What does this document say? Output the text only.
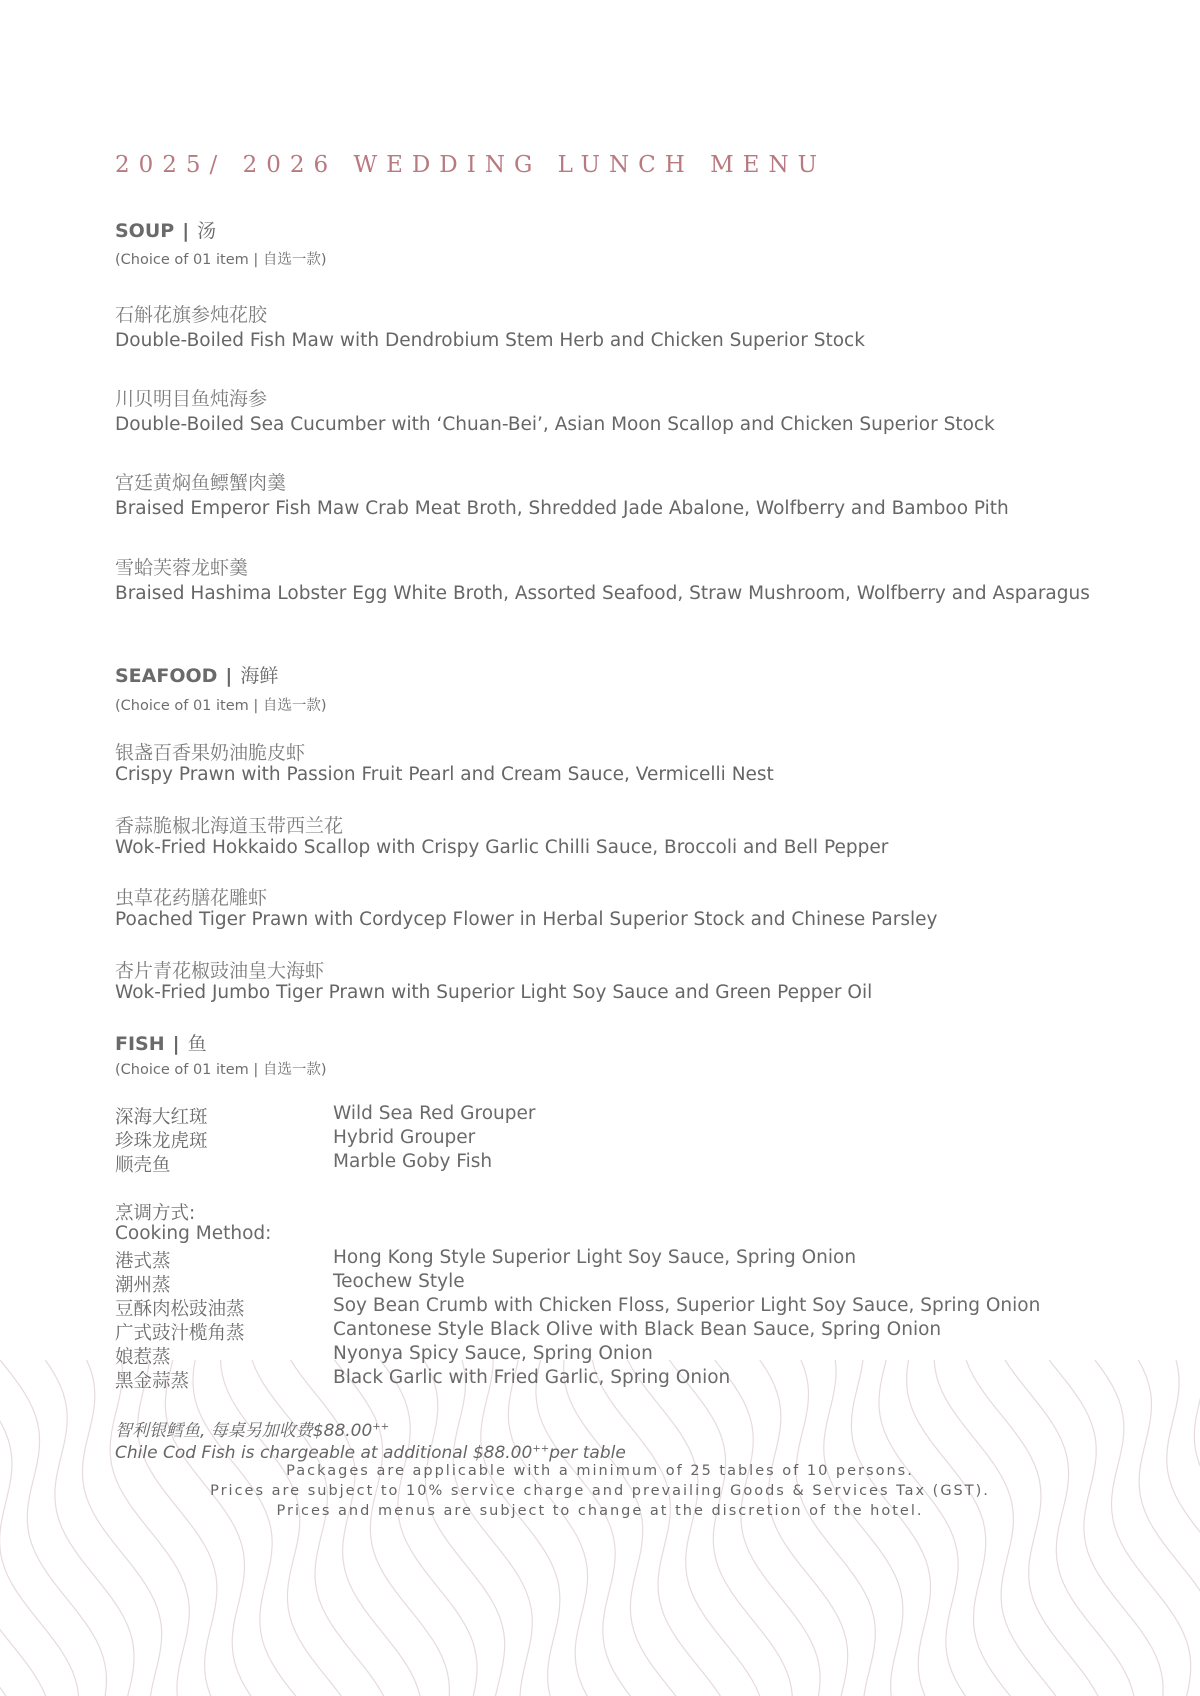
2025/ 2026 WEDDING LUNCH MENU
SOUP | 汤
(Choice of 01 item | 自选一款)
石斛花旗参炖花胶
Double-Boiled Fish Maw with Dendrobium Stem Herb and Chicken Superior Stock
川贝明目鱼炖海参
Double-Boiled Sea Cucumber with ‘Chuan-Bei’, Asian Moon Scallop and Chicken Superior Stock
宫廷黄焖鱼鳔蟹肉羹
Braised Emperor Fish Maw Crab Meat Broth, Shredded Jade Abalone, Wolfberry and Bamboo Pith
雪蛤芙蓉龙虾羹
Braised Hashima Lobster Egg White Broth, Assorted Seafood, Straw Mushroom, Wolfberry and Asparagus
SEAFOOD | 海鲜
(Choice of 01 item | 自选一款)
银盏百香果奶油脆皮虾
Crispy Prawn with Passion Fruit Pearl and Cream Sauce, Vermicelli Nest
香蒜脆椒北海道玉带西兰花
Wok-Fried Hokkaido Scallop with Crispy Garlic Chilli Sauce, Broccoli and Bell Pepper
虫草花药膳花雕虾
Poached Tiger Prawn with Cordycep Flower in Herbal Superior Stock and Chinese Parsley
杏片青花椒豉油皇大海虾
Wok-Fried Jumbo Tiger Prawn with Superior Light Soy Sauce and Green Pepper Oil
FISH | 鱼
(Choice of 01 item | 自选一款)
深海大红斑	Wild Sea Red Grouper
珍珠龙虎斑	Hybrid Grouper
顺壳鱼	Marble Goby Fish
烹调方式:
Cooking Method:
港式蒸	Hong Kong Style Superior Light Soy Sauce, Spring Onion
潮州蒸	Teochew Style
豆酥肉松豉油蒸	Soy Bean Crumb with Chicken Floss, Superior Light Soy Sauce, Spring Onion
广式豉汁榄角蒸	Cantonese Style Black Olive with Black Bean Sauce, Spring Onion
娘惹蒸	Nyonya Spicy Sauce, Spring Onion
黑金蒜蒸	Black Garlic with Fried Garlic, Spring Onion
智利银鳕鱼, 每桌另加收费$88.00++
Chile Cod Fish is chargeable at additional $88.00++per table
Packages are applicable with a minimum of 25 tables of 10 persons.
Prices are subject to 10% service charge and prevailing Goods & Services Tax (GST).
Prices and menus are subject to change at the discretion of the hotel.
